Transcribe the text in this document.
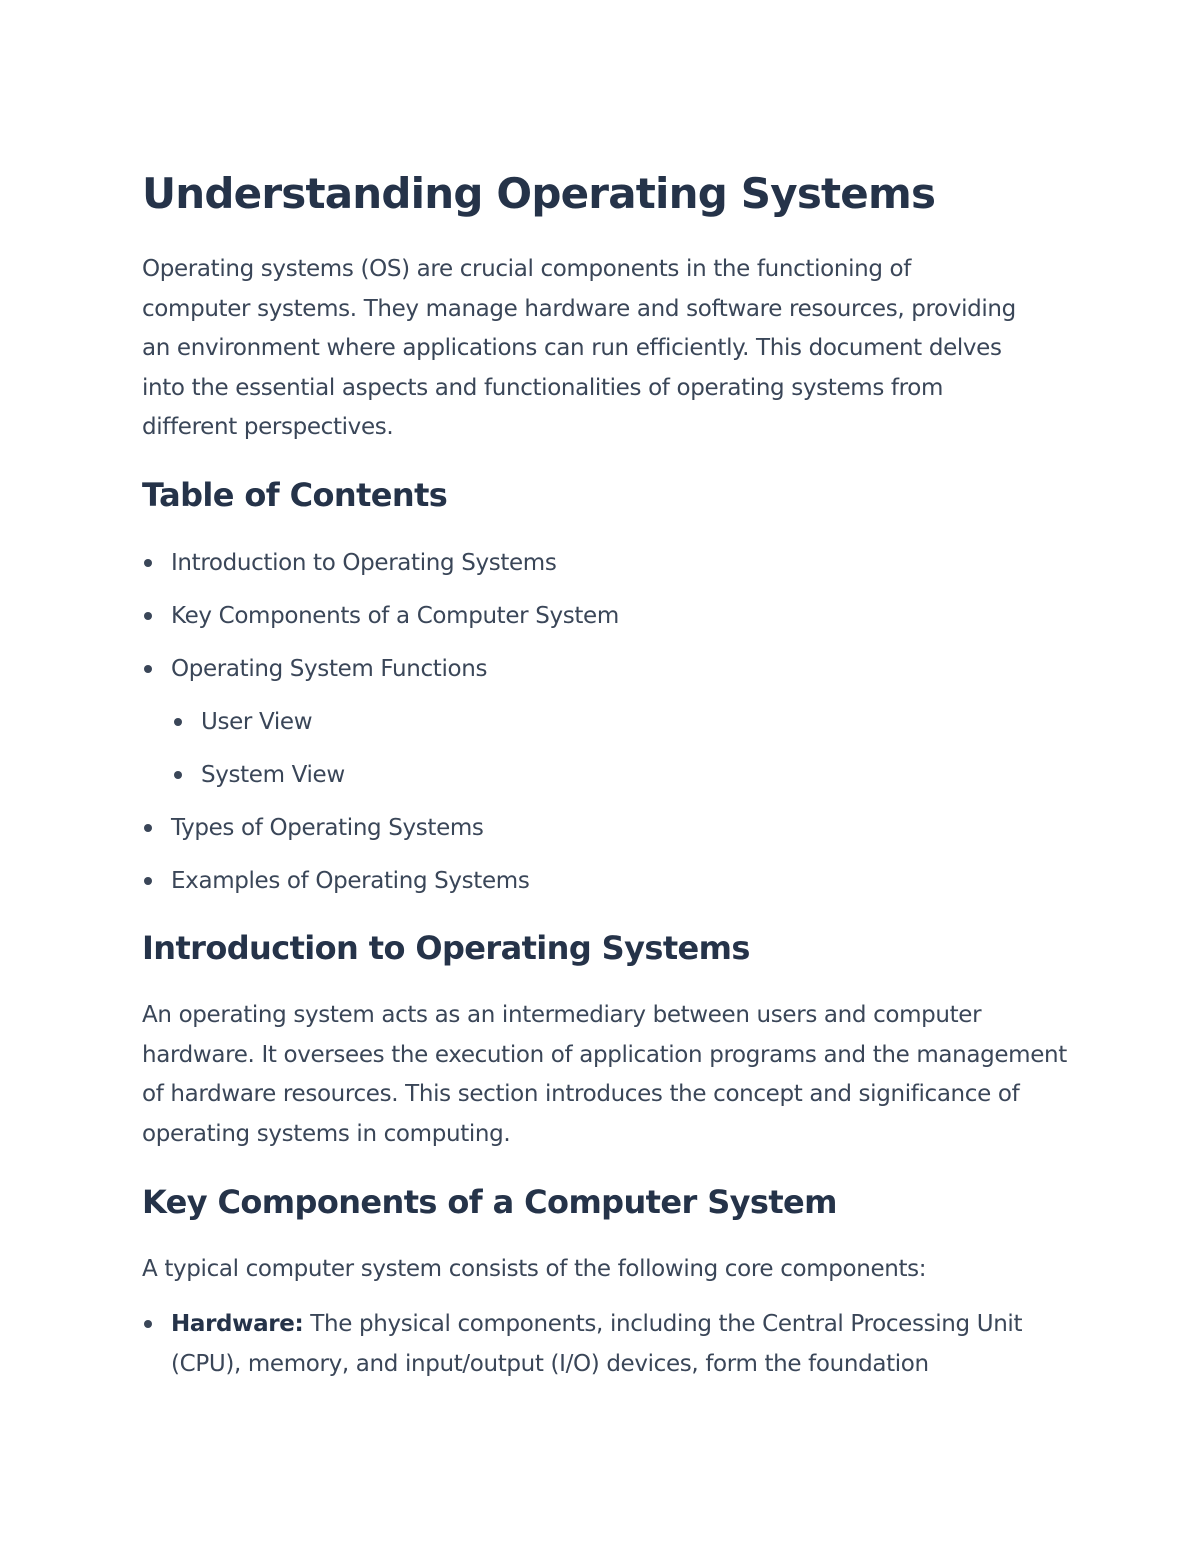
Understanding Operating Systems

Operating systems (OS) are crucial components in the functioning of computer systems. They manage hardware and software resources, providing an environment where applications can run efficiently. This document delves into the essential aspects and functionalities of operating systems from different perspectives.

Table of Contents
Introduction to Operating Systems
Key Components of a Computer System
Operating System Functions
User View
System View
Types of Operating Systems
Examples of Operating Systems
Introduction to Operating Systems

An operating system acts as an intermediary between users and computer hardware. It oversees the execution of application programs and the management of hardware resources. This section introduces the concept and significance of operating systems in computing.

Key Components of a Computer System

A typical computer system consists of the following core components:

Hardware: The physical components, including the Central Processing Unit (CPU), memory, and input/output (I/O) devices, form the foundation
